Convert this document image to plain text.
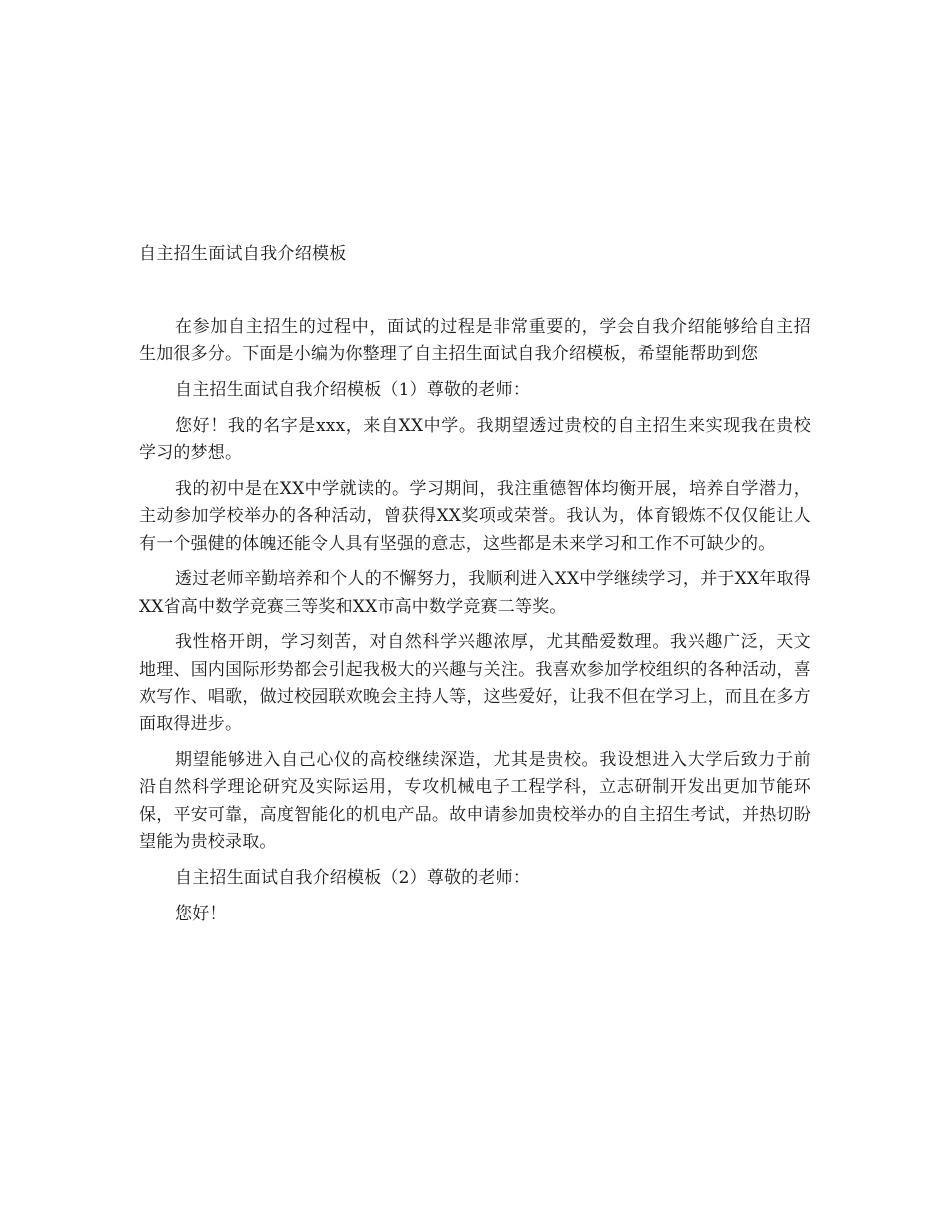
自主招生面试自我介绍模板

在参加自主招生的过程中，面试的过程是非常重要的，学会自我介绍能够给自主招生加很多分。下面是小编为你整理了自主招生面试自我介绍模板，希望能帮助到您

自主招生面试自我介绍模板（1）尊敬的老师：

您好！我的名字是xxx，来自XX中学。我期望透过贵校的自主招生来实现我在贵校学习的梦想。

我的初中是在XX中学就读的。学习期间，我注重德智体均衡开展，培养自学潜力，主动参加学校举办的各种活动，曾获得XX奖项或荣誉。我认为，体育锻炼不仅仅能让人有一个强健的体魄还能令人具有坚强的意志，这些都是未来学习和工作不可缺少的。

透过老师辛勤培养和个人的不懈努力，我顺利进入XX中学继续学习，并于XX年取得XX省高中数学竞赛三等奖和XX市高中数学竞赛二等奖。

我性格开朗，学习刻苦，对自然科学兴趣浓厚，尤其酷爱数理。我兴趣广泛，天文地理、国内国际形势都会引起我极大的兴趣与关注。我喜欢参加学校组织的各种活动，喜欢写作、唱歌，做过校园联欢晚会主持人等，这些爱好，让我不但在学习上，而且在多方面取得进步。

期望能够进入自己心仪的高校继续深造，尤其是贵校。我设想进入大学后致力于前沿自然科学理论研究及实际运用，专攻机械电子工程学科，立志研制开发出更加节能环保，平安可靠，高度智能化的机电产品。故申请参加贵校举办的自主招生考试，并热切盼望能为贵校录取。

自主招生面试自我介绍模板（2）尊敬的老师：

您好！
